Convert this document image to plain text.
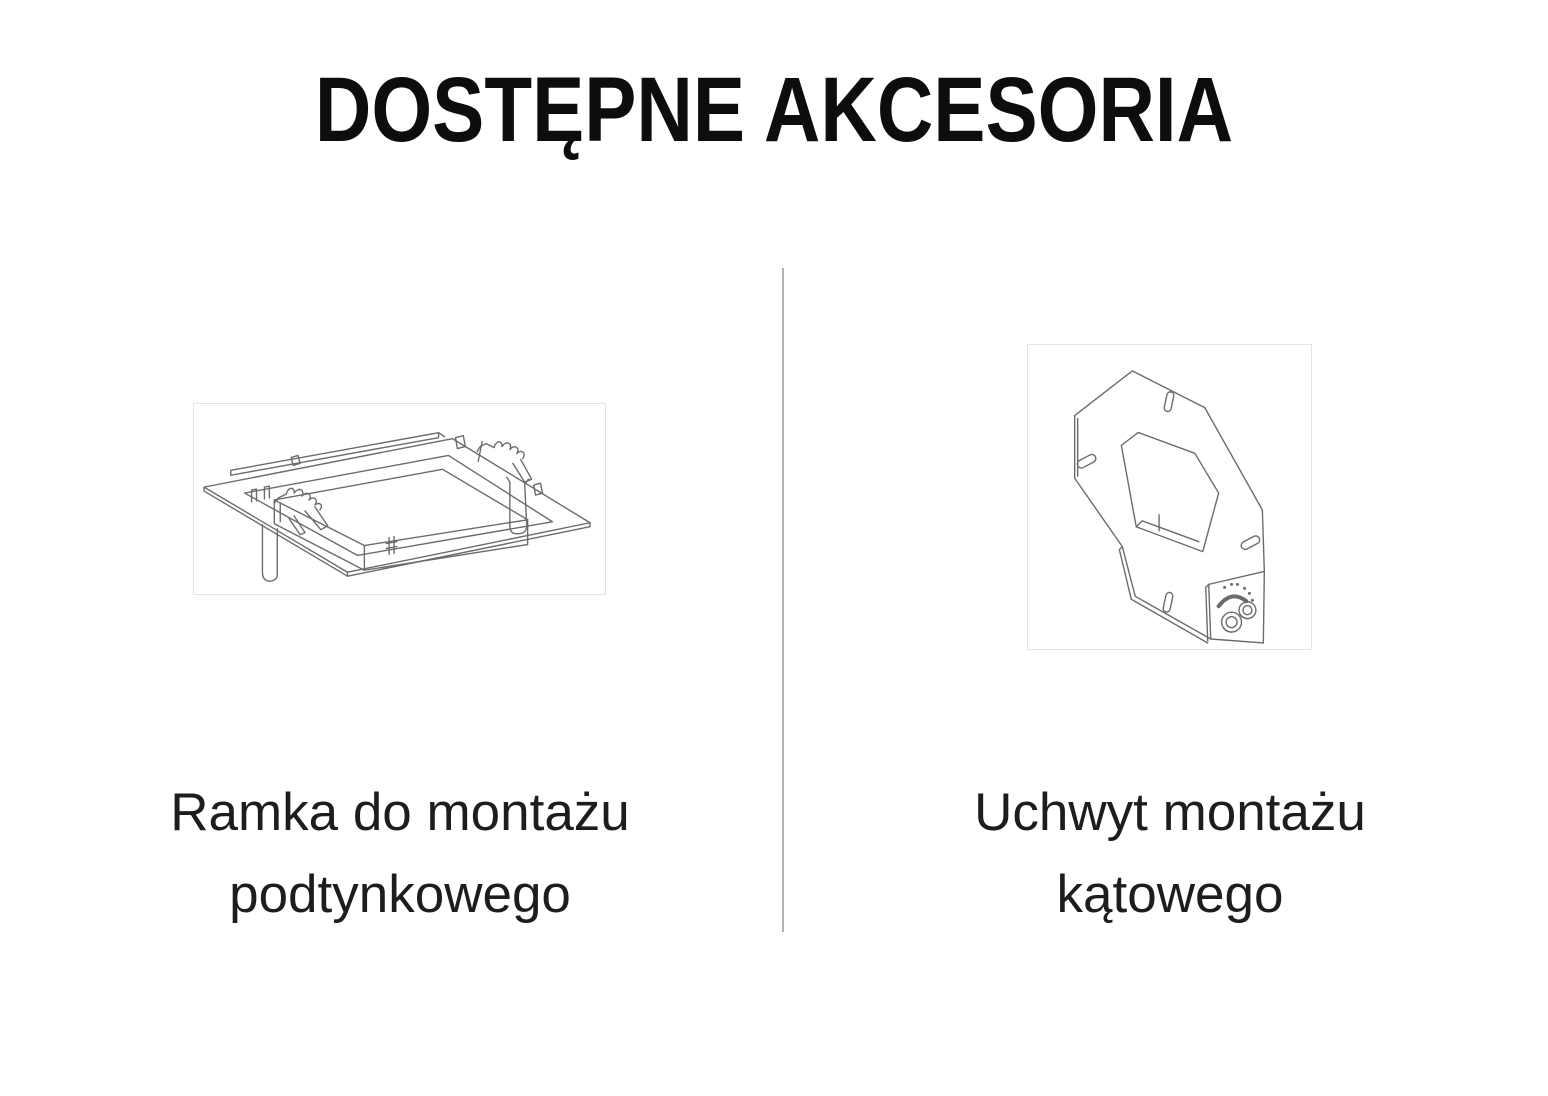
DOSTĘPNE AKCESORIA
Ramka do montażu
podtynkowego
Uchwyt montażu
kątowego
